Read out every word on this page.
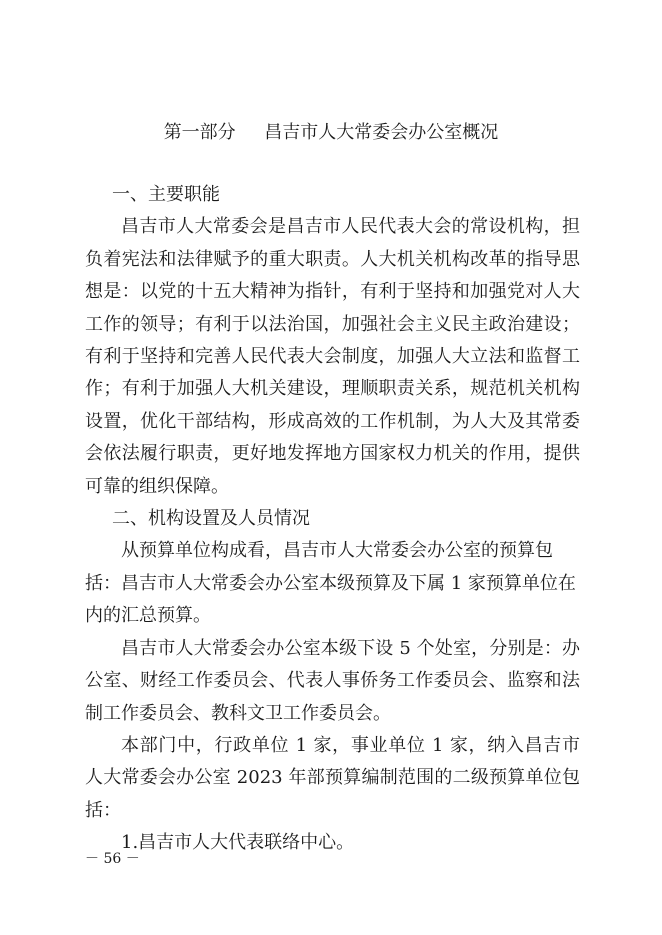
第一部分     昌吉市人大常委会办公室概况

一、主要职能

昌吉市人大常委会是昌吉市人民代表大会的常设机构，担负着宪法和法律赋予的重大职责。人大机关机构改革的指导思想是：以党的十五大精神为指针，有利于坚持和加强党对人大工作的领导；有利于以法治国，加强社会主义民主政治建设；有利于坚持和完善人民代表大会制度，加强人大立法和监督工作；有利于加强人大机关建设，理顺职责关系，规范机关机构设置，优化干部结构，形成高效的工作机制，为人大及其常委会依法履行职责，更好地发挥地方国家权力机关的作用，提供可靠的组织保障。

二、机构设置及人员情况

从预算单位构成看，昌吉市人大常委会办公室的预算包括：昌吉市人大常委会办公室本级预算及下属 1 家预算单位在内的汇总预算。

昌吉市人大常委会办公室本级下设 5 个处室，分别是：办公室、财经工作委员会、代表人事侨务工作委员会、监察和法制工作委员会、教科文卫工作委员会。

本部门中，行政单位 1 家，事业单位 1 家，纳入昌吉市人大常委会办公室 2023 年部预算编制范围的二级预算单位包括：

1.昌吉市人大代表联络中心。

－ 56 －
